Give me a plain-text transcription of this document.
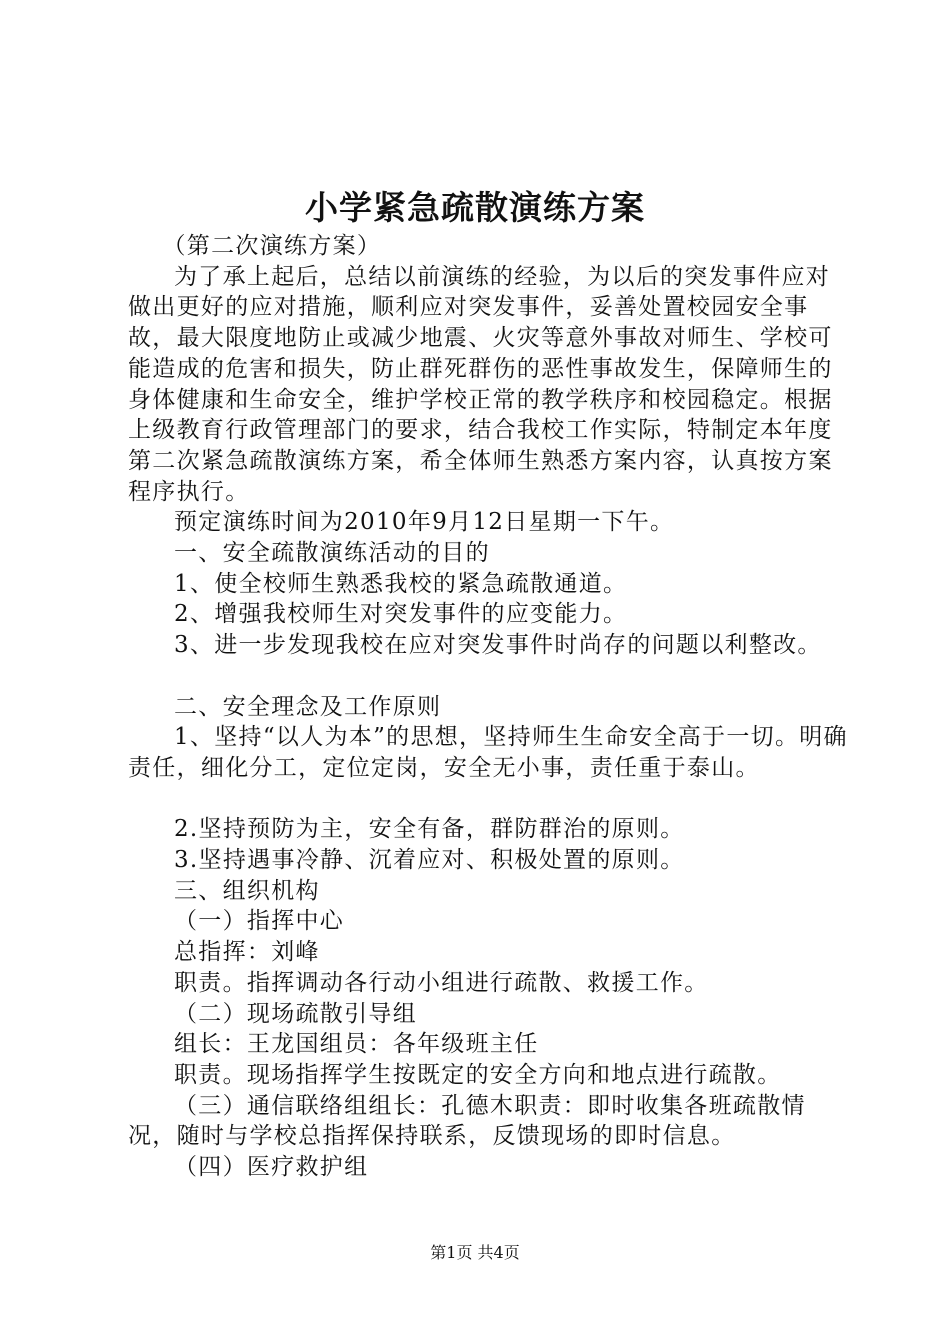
小学紧急疏散演练方案

（第二次演练方案）

为了承上起后，总结以前演练的经验，为以后的突发事件应对做出更好的应对措施，顺利应对突发事件，妥善处置校园安全事故，最大限度地防止或减少地震、火灾等意外事故对师生、学校可能造成的危害和损失，防止群死群伤的恶性事故发生，保障师生的身体健康和生命安全，维护学校正常的教学秩序和校园稳定。根据上级教育行政管理部门的要求，结合我校工作实际，特制定本年度第二次紧急疏散演练方案，希全体师生熟悉方案内容，认真按方案程序执行。

预定演练时间为2010年9月12日星期一下午。

一、安全疏散演练活动的目的

1、使全校师生熟悉我校的紧急疏散通道。

2、增强我校师生对突发事件的应变能力。

3、进一步发现我校在应对突发事件时尚存的问题以利整改。

二、安全理念及工作原则

1、坚持“以人为本”的思想，坚持师生生命安全高于一切。明确责任，细化分工，定位定岗，安全无小事，责任重于泰山。

2.坚持预防为主，安全有备，群防群治的原则。

3.坚持遇事冷静、沉着应对、积极处置的原则。

三、组织机构

（一）指挥中心

总指挥：刘峰

职责。指挥调动各行动小组进行疏散、救援工作。

（二）现场疏散引导组

组长：王龙国组员：各年级班主任

职责。现场指挥学生按既定的安全方向和地点进行疏散。

（三）通信联络组组长：孔德木职责：即时收集各班疏散情况，随时与学校总指挥保持联系，反馈现场的即时信息。

（四）医疗救护组

第1页 共4页
